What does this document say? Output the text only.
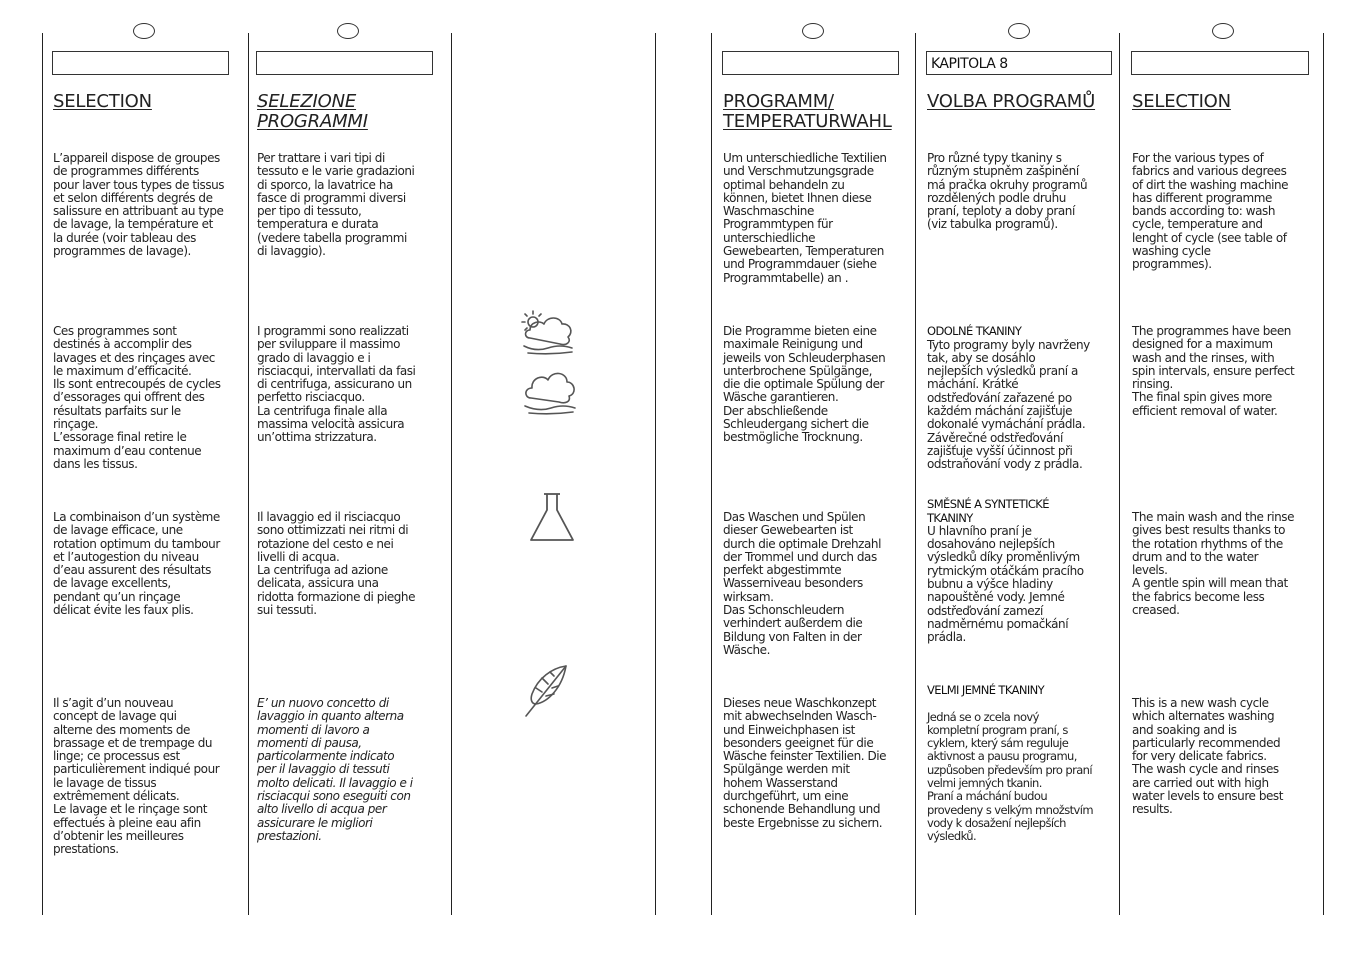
KAPITOLA 8
SELECTION	SELEZIONE
PROGRAMMI
PROGRAMM/
TEMPERATURWAHL
VOLBA PROGRAMŮ SELECTION
L’appareil dispose de groupes
de programmes différents
pour laver tous types de tissus
et selon différents degrés de
salissure en attribuant au type
de lavage, la température et
la durée (voir tableau des
programmes de lavage).
Ces programmes sont
destinés à accomplir des
lavages et des rinçages avec
le maximum d’efficacité.
Ils sont entrecoupés de cycles
d’essorages qui offrent des
résultats parfaits sur le
rinçage.
L’essorage final retire le
maximum d’eau contenue
dans les tissus.
La combinaison d’un système
de lavage efficace, une
rotation optimum du tambour
et l’autogestion du niveau
d’eau assurent des résultats
de lavage excellents,
pendant qu’un rinçage
délicat évite les faux plis.
Il s’agit d’un nouveau
concept de lavage qui
alterne des moments de
brassage et de trempage du
linge; ce processus est
particulièrement indiqué pour
le lavage de tissus
extrêmement délicats.
Le lavage et le rinçage sont
effectués à pleine eau afin
d’obtenir les meilleures
prestations.
Per trattare i vari tipi di
tessuto e le varie gradazioni
di sporco, la lavatrice ha
fasce di programmi diversi
per tipo di tessuto,
temperatura e durata
(vedere tabella programmi
di lavaggio).
I programmi sono realizzati
per sviluppare il massimo
grado di lavaggio e i
risciacqui, intervallati da fasi
di centrifuga, assicurano un
perfetto risciacquo.
La centrifuga finale alla
massima velocità assicura
un’ottima strizzatura.
Il lavaggio ed il risciacquo
sono ottimizzati nei ritmi di
rotazione del cesto e nei
livelli di acqua.
La centrifuga ad azione
delicata, assicura una
ridotta formazione di pieghe
sui tessuti.
E’ un nuovo concetto di
lavaggio in quanto alterna
momenti di lavoro a
momenti di pausa,
particolarmente indicato
per il lavaggio di tessuti
molto delicati. Il lavaggio e i
risciacqui sono eseguiti con
alto livello di acqua per
assicurare le migliori
prestazioni.
Um unterschiedliche Textilien
und Verschmutzungsgrade
optimal behandeln zu
können, bietet Ihnen diese
Waschmaschine
Programmtypen für
unterschiedliche
Gewebearten, Temperaturen
und Programmdauer (siehe
Programmtabelle) an .
Die Programme bieten eine
maximale Reinigung und
jeweils von Schleuderphasen
unterbrochene Spülgänge,
die die optimale Spülung der
Wäsche garantieren.
Der abschließende
Schleudergang sichert die
bestmögliche Trocknung.
Das Waschen und Spülen
dieser Gewebearten ist
durch die optimale Drehzahl
der Trommel und durch das
perfekt abgestimmte
Wasserniveau besonders
wirksam.
Das Schonschleudern
verhindert außerdem die
Bildung von Falten in der
Wäsche.
Dieses neue Waschkonzept
mit abwechselnden Wasch-
und Einweichphasen ist
besonders geeignet für die
Wäsche feinster Textilien. Die
Spülgänge werden mit
hohem Wasserstand
durchgeführt, um eine
schonende Behandlung und
beste Ergebnisse zu sichern.
Pro různé typy tkaniny s
různým stupněm zašpinění
má pračka okruhy programů
rozdělených podle druhu
praní, teploty a doby praní
(viz tabulka programů).

ODOLNÉ TKANINY
Tyto programy byly navrženy
tak, aby se dosáhlo
nejlepších výsledků praní a
máchání. Krátké
odstřeďování zařazené po
každém máchání zajišťuje
dokonalé vymáchání prádla.
Závěrečné odstřeďování
zajišťuje vyšší účinnost při
odstraňování vody z prádla.

SMĚSNÉ A SYNTETICKÉ
TKANINY
U hlavního praní je
dosahováno nejlepších
výsledků díky proměnlivým
rytmickým otáčkám pracího
bubnu a výšce hladiny
napouštěné vody. Jemné
odstřeďování zamezí
nadměrnému pomačkání
prádla.

VELMI JEMNÉ TKANINY
Jedná se o zcela nový
kompletní program praní, s
cyklem, který sám reguluje
aktivnost a pausu programu,
uzpůsoben především pro praní
velmi jemných tkanin.
Praní a máchání budou
provedeny s velkým množstvím
vody k dosažení nejlepších
výsledků.

For the various types of
fabrics and various degrees
of dirt the washing machine
has different programme
bands according to: wash
cycle, temperature and
lenght of cycle (see table of
washing cycle
programmes).
The programmes have been
designed for a maximum
wash and the rinses, with
spin intervals, ensure perfect
rinsing.
The final spin gives more
efficient removal of water.
The main wash and the rinse
gives best results thanks to
the rotation rhythms of the
drum and to the water
levels.
A gentle spin will mean that
the fabrics become less
creased.
This is a new wash cycle
which alternates washing
and soaking and is
particularly recommended
for very delicate fabrics.
The wash cycle and rinses
are carried out with high
water levels to ensure best
results.
